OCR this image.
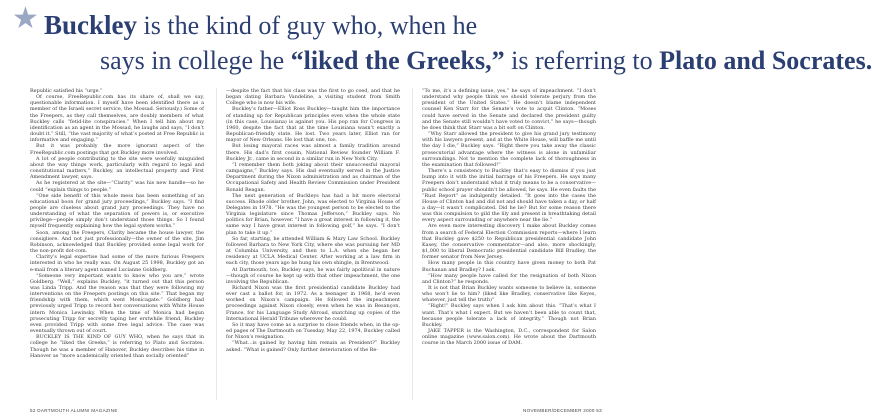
★ Buckley is the kind of guy who, when he
says in college he “liked the Greeks,” is referring to Plato and Socrates.

Republic satisfied his “urge.”

Of course, FreeRepublic.com has its share of, shall we say, questionable information. I myself have been identified there as a member of the Israeli secret service, the Mossad. Seriously.) Some of the Freepers, as they call themselves, are doubly members of what Buckley calls “fetid-lite conspiracies.” When I tell him about my identification as an agent in the Mossad, he laughs and says, “I don’t doubt it.” Still, “the vast majority of what’s posted at Free Republic is informative and engaging.”

But it was probably the more ignorant aspect of the FreeRepublic.com postings that got Buckley more involved.

A lot of people contributing to the site were woefully misguided about the way things work, particularly with regard to legal and constitutional matters,” Buckley, an intellectual property and First Amendment lawyer, says.

As he registered at the site—“Clarity” was his new handle—so he could “explain things to people.”

“One side benefit of this whole mess has been something of an educational boon for grand jury proceedings,” Buckley says. “I find people are clueless about grand jury proceedings. They have no understanding of what the separation of powers is, or executive privilege—people simply don’t understand those things. So I found myself frequently explaining how the legal system works.”

Soon, among the Freepers, Clarity became the house lawyer, the consigliere. And not just professionally—the owner of the site, Jim Robinson, acknowledged that Buckley provided some legal work for the non-profit dot-com.

Clarity’s legal expertise had some of the more furious Freepers interested in who he really was. On August 25 1998, Buckley got an e-mail from a literary agent named Lucianne Goldberg.

“Someone very important wants to know who you are,” wrote Goldberg. “Well,” explains Buckley, “it turned out that this person was Linda Tripp. And the reason was that they were following my interventions on the Freepers postings on this site.” That began my friendship with them, which went Monicagate.” Goldberg had previously urged Tripp to record her conversations with White House intern Monica Lewinsky. When the time of Monica had begun prosecuting Tripp for secretly taping her erstwhile friend, Buckley even provided Tripp with some free legal advice. The case was eventually thrown out of court.

BUCKLEY IS THE KIND OF GUY WHO, when he says that in college he “liked the Greeks,” is referring to Plato and Socrates. Though he was a member of Hanover, Buckley describes his time in Hanover as “more academically oriented than socially oriented”

—despite the fact that his class was the first to go coed, and that he began dating Barbara Vandeline, a visiting student from Smith College who is now his wife.

Buckley’s father—Elliot Ross Buckley—taught him the importance of standing up for Republican principles even when the whole state (in this case, Louisiana) is against you. His pop ran for Congress in 1960, despite the fact that at the time Louisiana wasn’t exactly a Republican-friendly state. He lost. Two years later, Elliot ran for mayor of New Orleans. He lost that one, too.

But losing mayoral races was almost a family tradition around there. His dad’s first cousin, National Review founder William F. Buckley Jr., came in second in a similar run in New York City.

“I remember them both joking about their unsuccessful mayoral campaigns,” Buckley says. His dad eventually served in the Justice Department during the Nixon administration and as chairman of the Occupational Safety and Health Review Commission under President Ronald Reagan.

The next generation of Buckleys has had a bit more electoral success. Rhode older brother, John, was elected to Virginia House of Delegates in 1978. “He was the youngest person to be elected to the Virginia legislature since Thomas Jefferson,” Buckley says. No politics for Brian, however. “I have a great interest in following it, the same way I have great interest in following golf,” he says. “I don’t plan to take it up.”

So far, starting, he attended William & Mary Law School. Buckley followed Barbara to New York City, where she was pursuing her MD at Columbia University, and then to L.A. when she began her residency at UCLA Medical Center. After working at a law firm in each city, those years ago he hung his own shingle, in Brentwood.

At Dartmouth, too, Buckley says, he was fairly apolitical in nature—though of course he kept up with that other impeachment, the one involving the Republican.

Richard Nixon was the first presidential candidate Buckley had ever cast a ballot for, in 1972. As a teenager in 1968, he’d even worked on Nixon’s campaign. He followed the impeachment proceedings against Nixon closely, even when he was in Besançon, France, for his Language Study Abroad, snatching up copies of the International Herald Tribune wherever he could.

So it may have come as a surprise to close friends when, in the op-ed pages of The Dartmouth on Tuesday, May 22, 1974, Buckley called for Nixon’s resignation.

“What…is gained by having him remain as President?” Buckley asked. “What is gained? Only further deterioration of the Re-

“To me, it’s a defining issue, yes,” he says of impeachment. “I don’t understand why people think we should tolerate perjury from the president of the United States.” He doesn’t blame independent counsel Ken Starr for the Senate’s vote to acquit Clinton. “Moses could have served in the Senate and declared the president guilty and the Senate still wouldn’t have voted to convict,” he says—though he does think that Starr was a bit soft on Clinton.

“Why Starr allowed the president to give his grand jury testimony with his lawyers present, and at the White House, will baffle me until the day I die,” Buckley says. “Right there you take away the classic prosecutorial advantage where the witness is alone in unfamiliar surroundings. Not to mention the complete lack of thoroughness in the examination that followed!”

There’s a consistency to Buckley that’s easy to dismiss if you just bump into it with the initial barrage of his Freepers. He says many Freepers don’t understand what it truly means to be a conservative—public school prayer shouldn’t be allowed, he says. He even faults the “Rust Report” as indulgently detailed. “It goes into the cases the House of Clinton had and did not and should have taken a day, or half a day—it wasn’t complicated. Did he lie? But for some reason there was this compulsion to gild the lily and present in breathtaking detail every aspect surrounding or anywhere near the lie.”

Are even more interesting discovery I make about Buckley comes from a search of Federal Election Commission reports—where I learn that Buckley gave $250 to Republican presidential candidate John Kasey, the conservative commentator—and also, more shockingly, $1,000 to liberal Democratic presidential candidate Bill Bradley, the former senator from New Jersey.

How many people in this country have given money to both Pat Buchanan and Bradley? I ask.

“How many people have called for the resignation of both Nixon and Clinton?” he responds.

It is not that Brian Buckley wants someone to believe in, someone who won’t lie to him? (liked like Bradley, conservative like Keyes, whatever, just tell the truth)”

“Right!” Buckley says when I ask him about this. “That’s what I want. That’s what I expect. But we haven’t been able to count that, because people tolerate a lack of integrity.” Though not Brian Buckley.

JAKE TAPPER is the Washington, D.C., correspondent for Salon online magazine (www.salon.com). He wrote about the Dartmouth course in the March 2000 issue of DAM.

52 DARTMOUTH ALUMNI MAGAZINE	NOVEMBER/DECEMBER 2000 53
